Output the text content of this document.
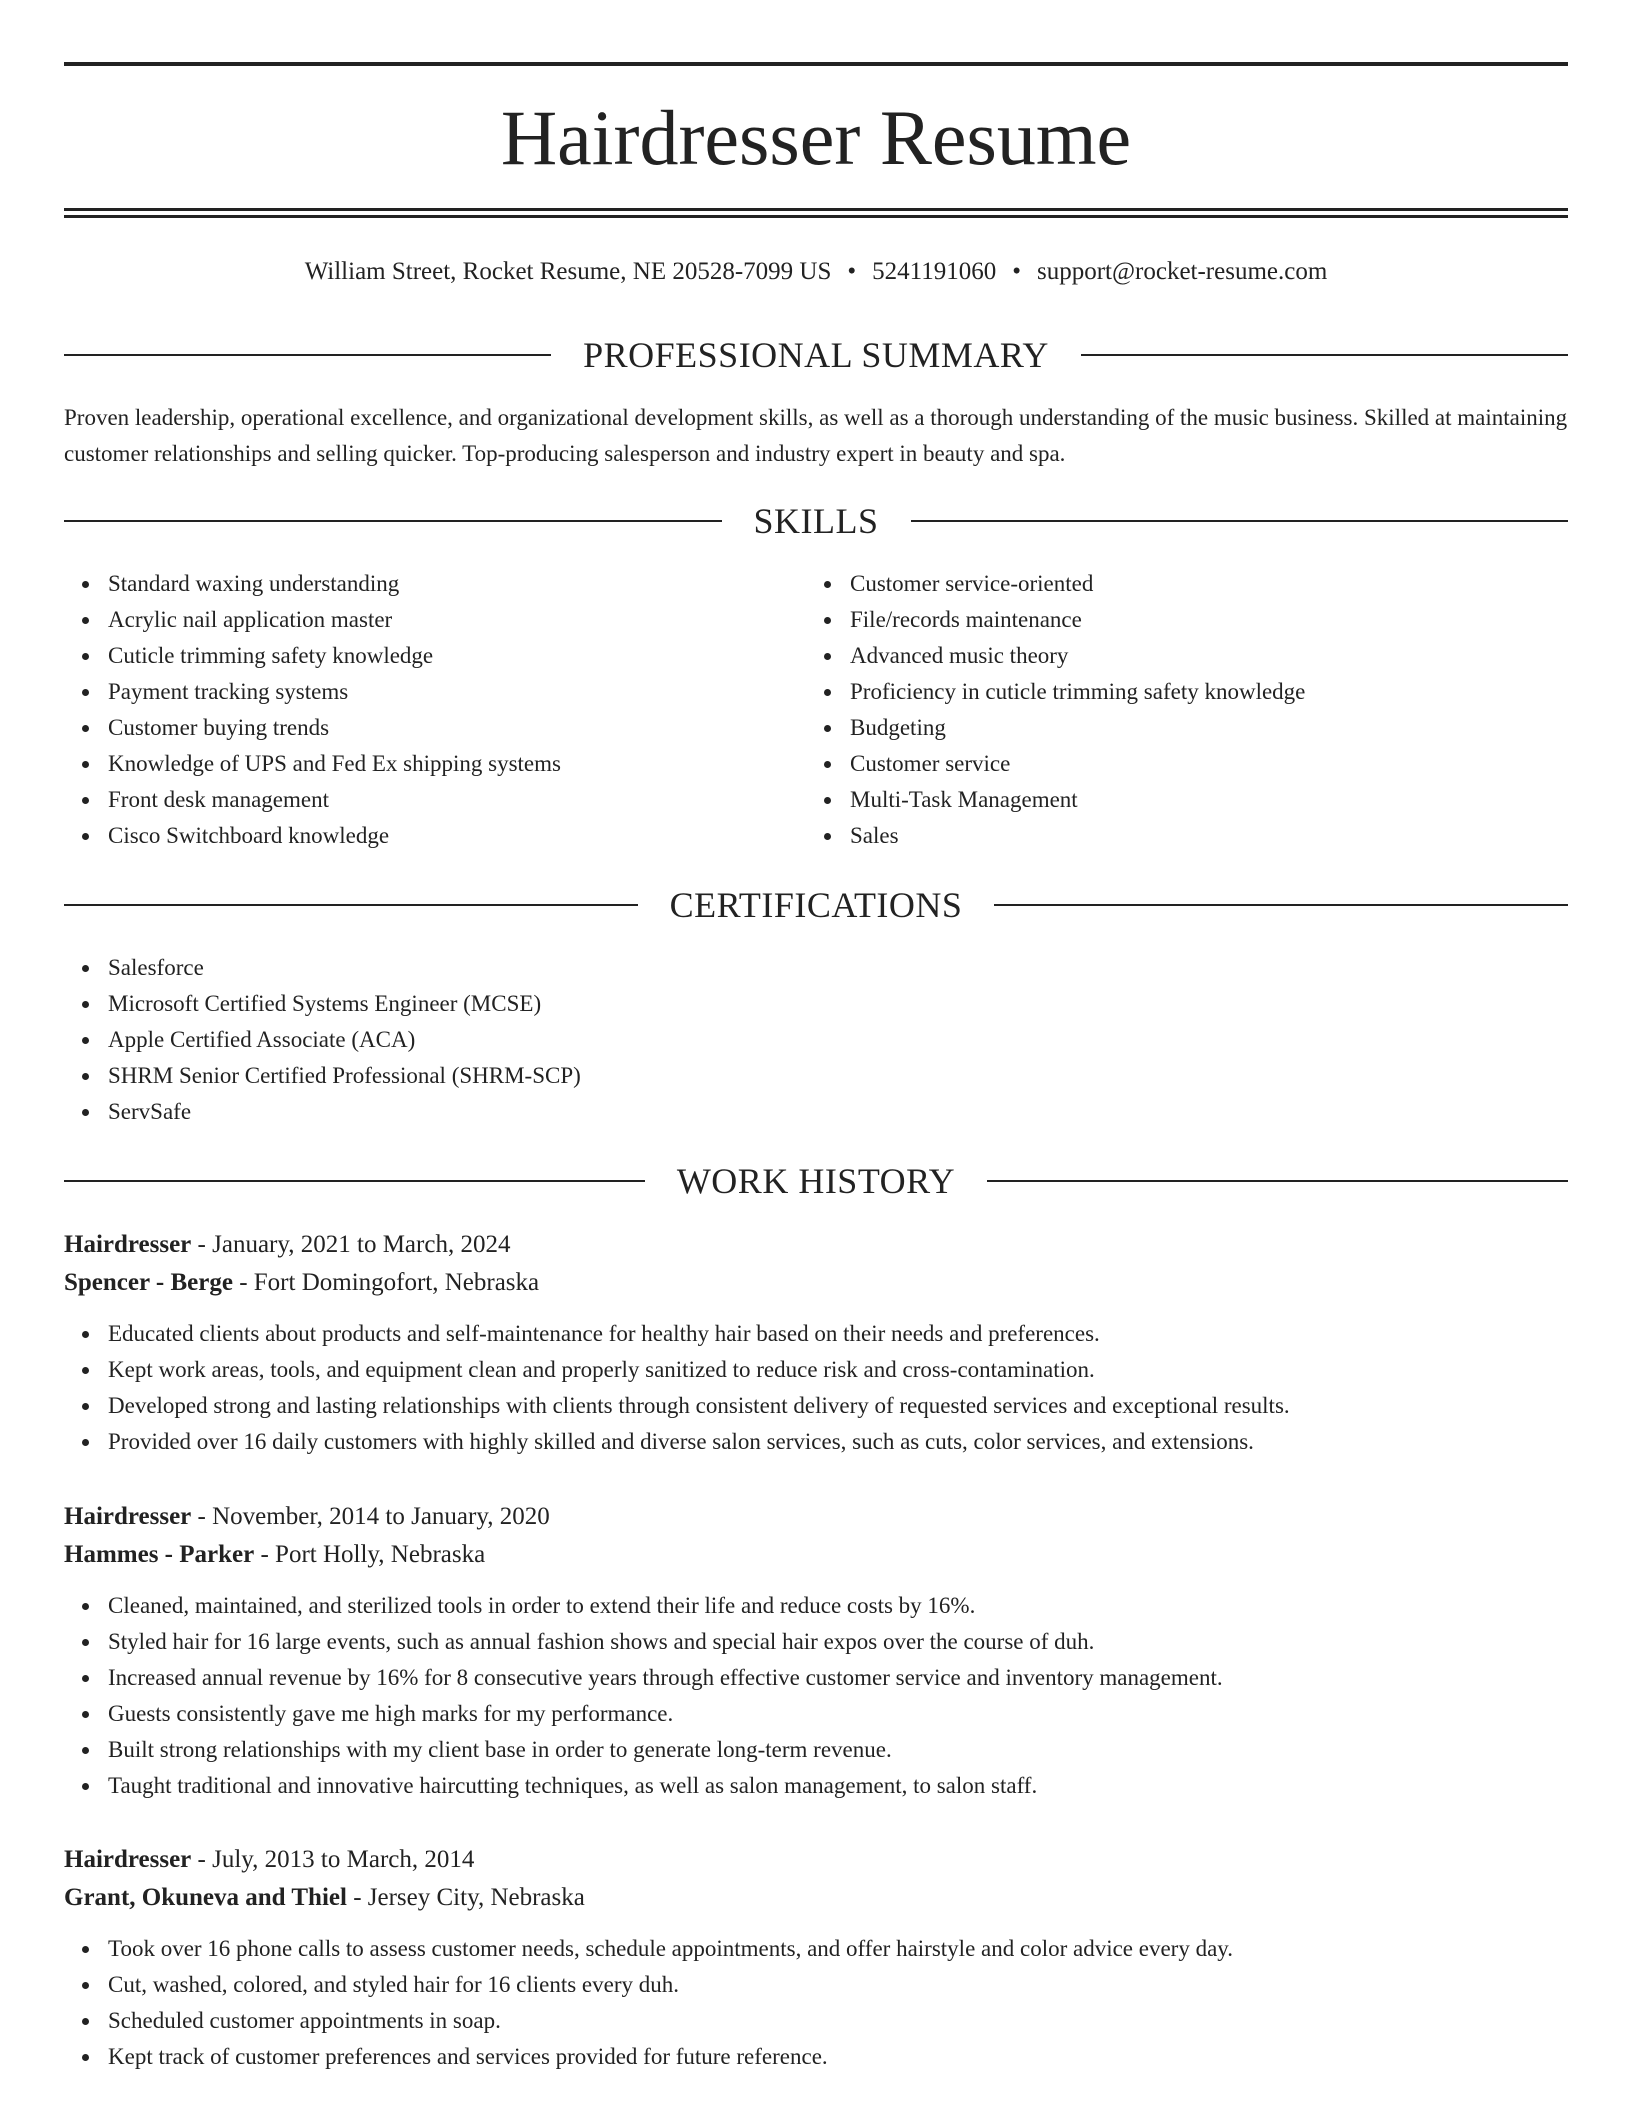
Hairdresser Resume
William Street, Rocket Resume, NE 20528-7099 US • 5241191060 • support@rocket-resume.com
PROFESSIONAL SUMMARY

Proven leadership, operational excellence, and organizational development skills, as well as a thorough understanding of the music business. Skilled at maintaining customer relationships and selling quicker. Top-producing salesperson and industry expert in beauty and spa.

SKILLS
Standard waxing understanding
Acrylic nail application master
Cuticle trimming safety knowledge
Payment tracking systems
Customer buying trends
Knowledge of UPS and Fed Ex shipping systems
Front desk management
Cisco Switchboard knowledge
Customer service-oriented
File/records maintenance
Advanced music theory
Proficiency in cuticle trimming safety knowledge
Budgeting
Customer service
Multi-Task Management
Sales
CERTIFICATIONS
Salesforce
Microsoft Certified Systems Engineer (MCSE)
Apple Certified Associate (ACA)
SHRM Senior Certified Professional (SHRM-SCP)
ServSafe
WORK HISTORY
Hairdresser - January, 2021 to March, 2024
Spencer - Berge - Fort Domingofort, Nebraska
Educated clients about products and self-maintenance for healthy hair based on their needs and preferences.
Kept work areas, tools, and equipment clean and properly sanitized to reduce risk and cross-contamination.
Developed strong and lasting relationships with clients through consistent delivery of requested services and exceptional results.
Provided over 16 daily customers with highly skilled and diverse salon services, such as cuts, color services, and extensions.
Hairdresser - November, 2014 to January, 2020
Hammes - Parker - Port Holly, Nebraska
Cleaned, maintained, and sterilized tools in order to extend their life and reduce costs by 16%.
Styled hair for 16 large events, such as annual fashion shows and special hair expos over the course of duh.
Increased annual revenue by 16% for 8 consecutive years through effective customer service and inventory management.
Guests consistently gave me high marks for my performance.
Built strong relationships with my client base in order to generate long-term revenue.
Taught traditional and innovative haircutting techniques, as well as salon management, to salon staff.
Hairdresser - July, 2013 to March, 2014
Grant, Okuneva and Thiel - Jersey City, Nebraska
Took over 16 phone calls to assess customer needs, schedule appointments, and offer hairstyle and color advice every day.
Cut, washed, colored, and styled hair for 16 clients every duh.
Scheduled customer appointments in soap.
Kept track of customer preferences and services provided for future reference.
